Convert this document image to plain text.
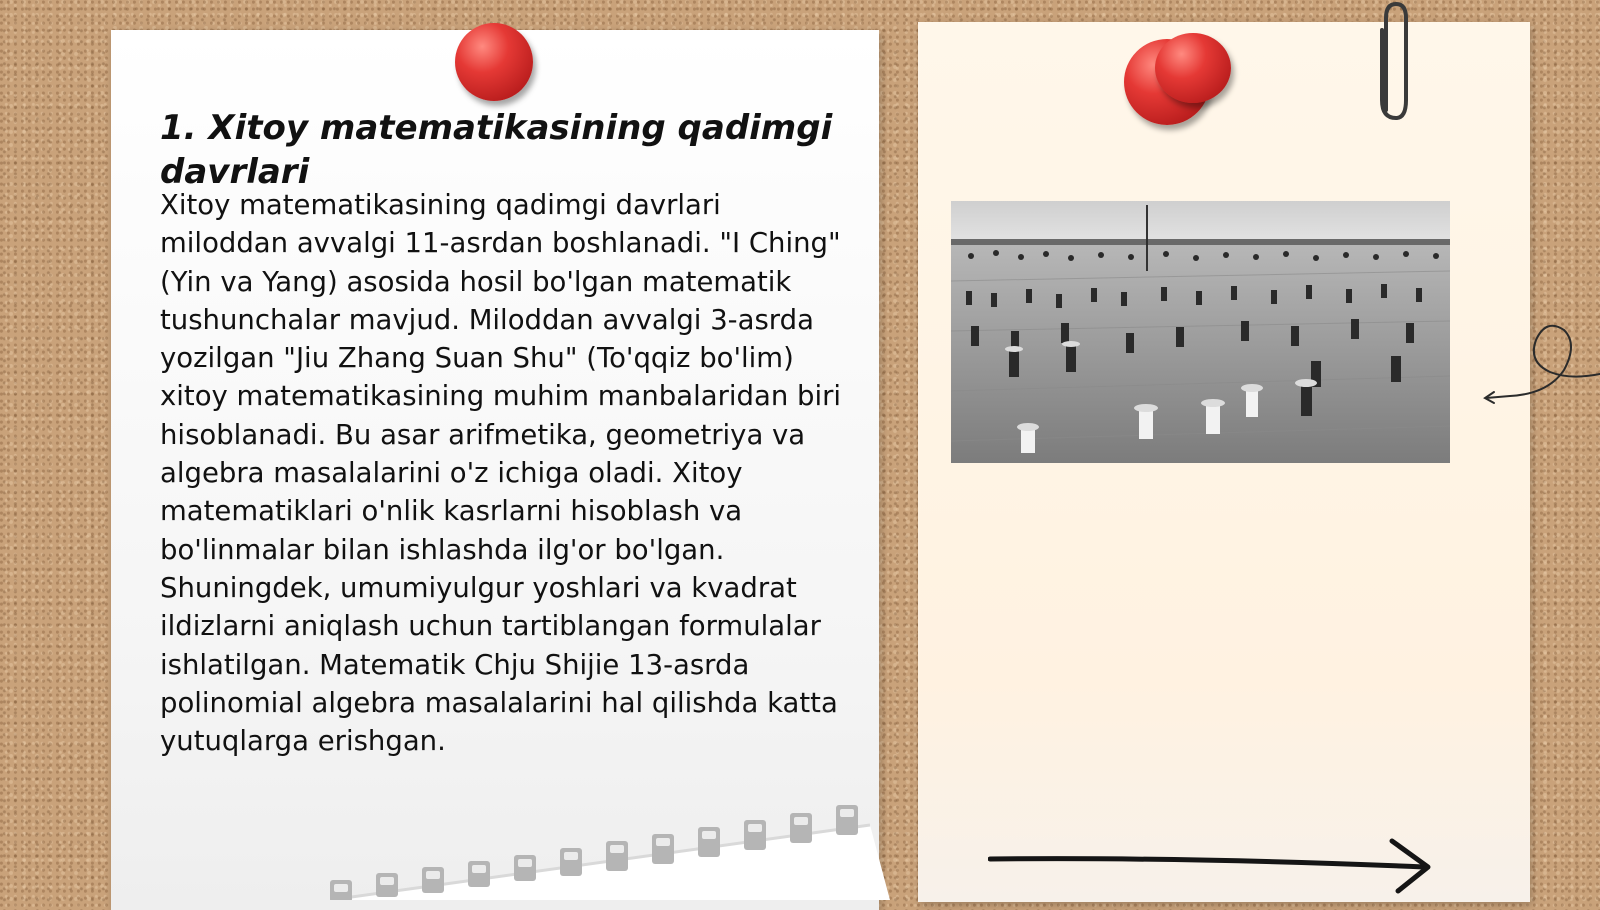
1. Xitoy matematikasining qadimgi davrlari

Xitoy matematikasining qadimgi davrlari miloddan avvalgi 11-asrdan boshlanadi. "I Ching" (Yin va Yang) asosida hosil bo'lgan matematik tushunchalar mavjud. Miloddan avvalgi 3-asrda yozilgan "Jiu Zhang Suan Shu" (To'qqiz bo'lim) xitoy matematikasining muhim manbalaridan biri hisoblanadi. Bu asar arifmetika, geometriya va algebra masalalarini o'z ichiga oladi. Xitoy matematiklari o'nlik kasrlarni hisoblash va bo'linmalar bilan ishlashda ilg'or bo'lgan. Shuningdek, umumiyulgur yoshlari va kvadrat ildizlarni aniqlash uchun tartiblangan formulalar ishlatilgan. Matematik Chju Shijie 13-asrda polinomial algebra masalalarini hal qilishda katta yutuqlarga erishgan.
